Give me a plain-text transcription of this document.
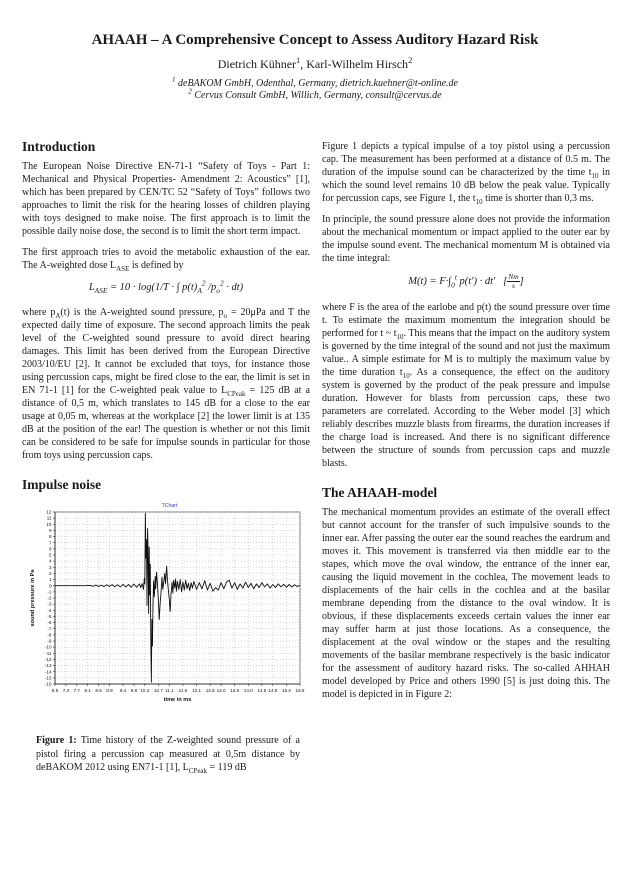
AHAAH – A Comprehensive Concept to Assess Auditory Hazard Risk
Dietrich Kühner$^1$, Karl-Wilhelm Hirsch$^2$
$^1$ deBAKOM GmbH, Odenthal, Germany, dietrich.kuehner@t-online.de
$^2$ Cervus Consult GmbH, Willich, Germany, consult@cervus.de
Introduction

The European Noise Directive EN-71-1 “Safety of Toys - Part 1: Mechanical and Physical Properties- Amendment 2: Acoustics” [1], which has been prepared by CEN/TC 52 “Safety of Toys” follows two approaches to limit the risk for the hearing losses of children playing with toys designed to make noise. The first approach is to limit the possible daily noise dose, the second is to limit the short term impact.

The first approach tries to avoid the metabolic exhaustion of the ear. The A-weighted dose $L_{ASE}$ is defined by

$L_{ASE} = 10 \cdot \log(1/T$ · ∫ $p(t)_A^2$ $/p_o^2 \cdot dt$)

where $p_A(t)$ is the A-weighted sound pressure, $p_o = 20\mu Pa$ and T the expected daily time of exposure. The second approach limits the peak level of the C-weighted sound pressure to avoid direct hearing damages. This limit has been derived from the European Directive 2003/10/EU [2]. It cannot be excluded that toys, for instance those using percussion caps, might be fired close to the ear, the limit is set in EN 71-1 [1] for the C-weighted peak value to $L_{CPeak} = 125$ dB at a distance of 0,5 m, which translates to 145 dB for a close to the ear usage at 0,05 m, whereas at the workplace [2] the lower limit is at 135 dB at the position of the ear! The question is whether or not this limit can be considered to be safe for impulse sounds in particular for those from toys using percussion caps.

Impulse noise
12
11
10
9
8
7
6
5
4
3
2
1
0
-1
-2
-3
-4
-5
-6
-7
-8
-9
-10
-11
-12
-13
-14
-15
-16
6.9 7.3 7.7 8.1 8.5 8.9 9.4 9.8 10.2 10.7 11.1 11.6 12.1 12.6 13.0 13.5 14.0 14.5 14.9 15.4 15.9
TChart
time in ms
sound pressure in Pa
Figure 1: Time history of the Z-weighted sound pressure of a pistol firing a percussion cap measured at 0,5m distance by deBAKOM 2012 using EN71-1 [1], $L_{CPeak} = 119$ dB

Figure 1 depicts a typical impulse of a toy pistol using a percussion cap. The measurement has been performed at a distance of 0.5 m. The duration of the impulse sound can be characterized by the time $t_{10}$ in which the sound level remains 10 dB below the peak value. Typically for percussion caps, see Figure 1, the $t_{10}$ time is shorter than 0,3 ms.

In principle, the sound pressure alone does not provide the information about the mechanical momentum or impact applied to the outer ear by the impulse sound event. The mechanical momentum M is obtained via the time integral:

$M(t) = F\cdot\int_0^t$ p(t′) · dt′   [ $\frac{Nm}{s}$ ]

where F is the area of the earlobe and p(t) the sound pressure over time t. To estimate the maximum momentum the integration should be performed for t ~ $t_{10}$. This means that the impact on the auditory system is governed by the time integral of the sound and not just the maximum value.. A simple estimate for M is to multiply the maximum value by the time duration $t_{10}$. As a consequence, the effect on the auditory system is governed by the product of the peak pressure and impulse duration. However for blasts from percussion caps, these two parameters are correlated. According to the Weber model [3] which reliably describes muzzle blasts from firearms, the duration increases if the charge load is increased. And there is no significant difference between the structure of sounds from percussion caps and muzzle blasts.

The AHAAH-model

The mechanical momentum provides an estimate of the overall effect but cannot account for the transfer of such impulsive sounds to the inner ear. After passing the outer ear the sound reaches the eardrum and moves it. This movement is transferred via then middle ear to the stapes, which move the oval window, the entrance of the inner ear, causing the liquid movement in the cochlea, The movement leads to displacements of the hair cells in the cochlea and at the basilar membrane depending from the distance to the oval window. It is obvious, if these displacements exceeds certain values the inner ear may suffer harm at just those locations. As a consequence, the displacement at the oval window or the stapes and the resulting movements of the basilar membrane respectively is the basic indicator for the assessment of auditory hazard risks. The so-called AHHAH model developed by Price and others 1990 [5] is just doing this. The model is depicted in in Figure 2:
